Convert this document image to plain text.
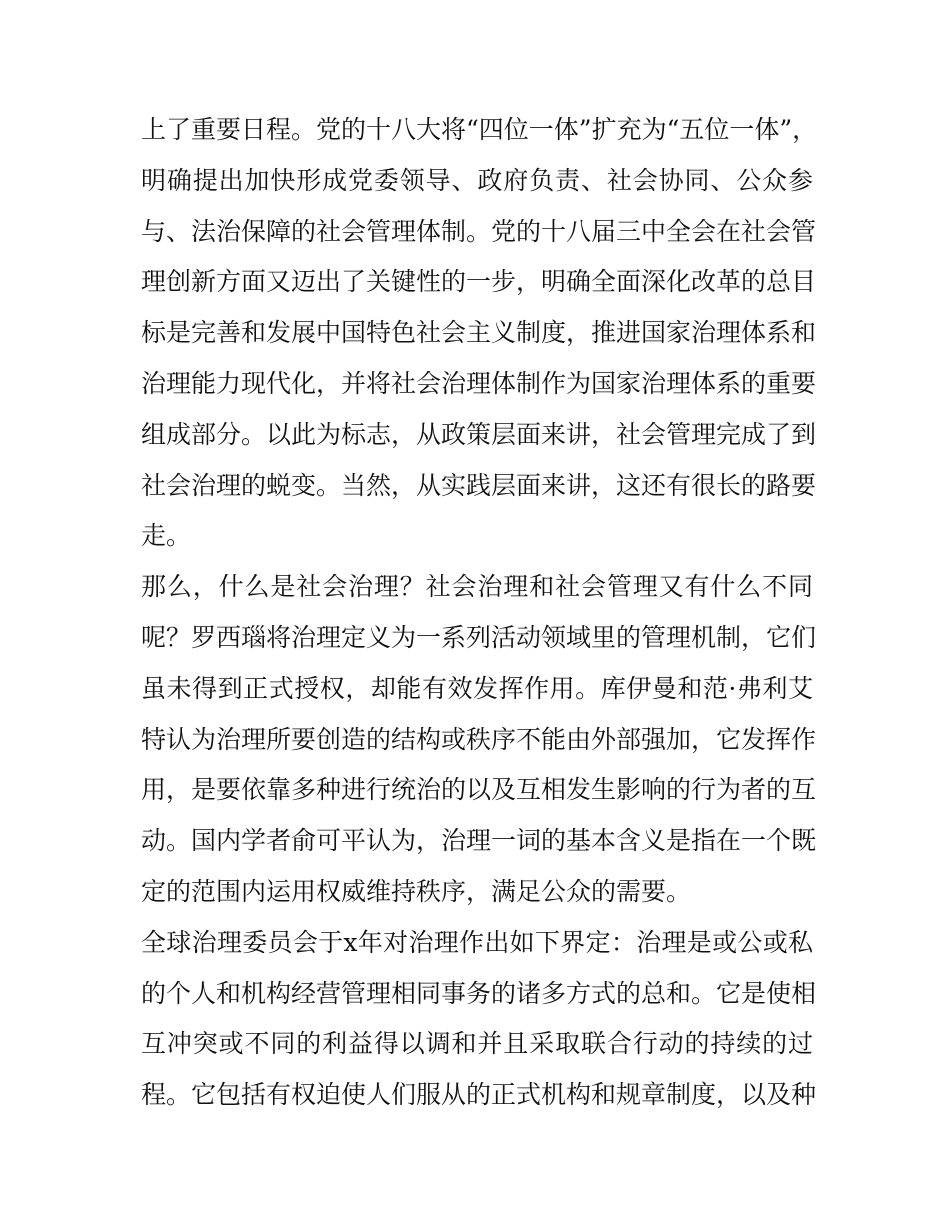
上了重要日程。党的十八大将“四位一体”扩充为“五位一体”，
明确提出加快形成党委领导、政府负责、社会协同、公众参
与、法治保障的社会管理体制。党的十八届三中全会在社会管
理创新方面又迈出了关键性的一步，明确全面深化改革的总目
标是完善和发展中国特色社会主义制度，推进国家治理体系和
治理能力现代化，并将社会治理体制作为国家治理体系的重要
组成部分。以此为标志，从政策层面来讲，社会管理完成了到
社会治理的蜕变。当然，从实践层面来讲，这还有很长的路要
走。
那么，什么是社会治理？社会治理和社会管理又有什么不同
呢？罗西瑙将治理定义为一系列活动领域里的管理机制，它们
虽未得到正式授权，却能有效发挥作用。库伊曼和范·弗利艾
特认为治理所要创造的结构或秩序不能由外部强加，它发挥作
用，是要依靠多种进行统治的以及互相发生影响的行为者的互
动。国内学者俞可平认为，治理一词的基本含义是指在一个既
定的范围内运用权威维持秩序，满足公众的需要。
全球治理委员会于x年对治理作出如下界定：治理是或公或私
的个人和机构经营管理相同事务的诸多方式的总和。它是使相
互冲突或不同的利益得以调和并且采取联合行动的持续的过
程。它包括有权迫使人们服从的正式机构和规章制度，以及种
